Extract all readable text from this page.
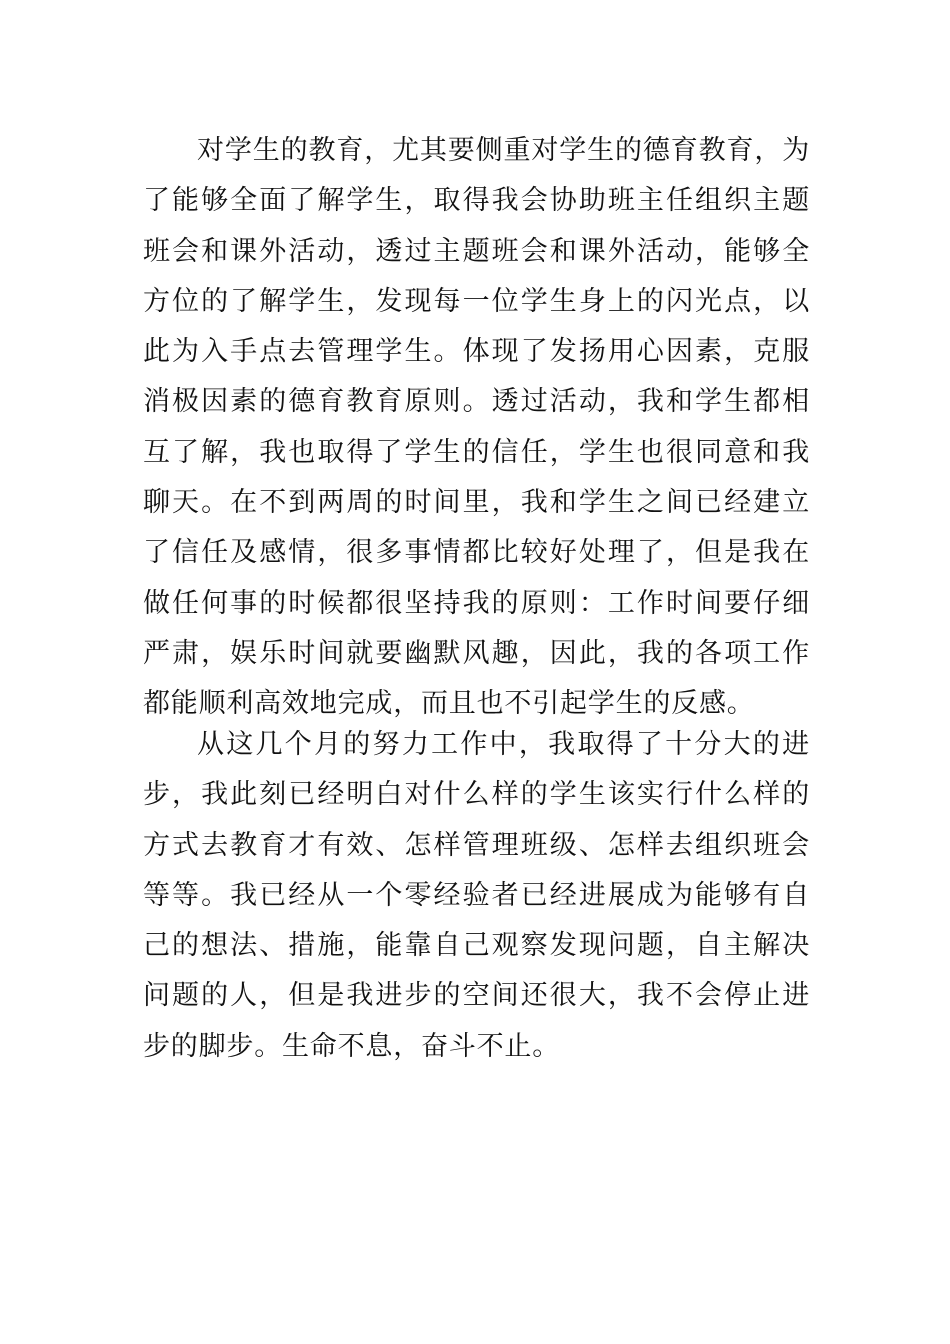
对学生的教育，尤其要侧重对学生的德育教育，为了能够全面了解学生，取得我会协助班主任组织主题班会和课外活动，透过主题班会和课外活动，能够全方位的了解学生，发现每一位学生身上的闪光点，以此为入手点去管理学生。体现了发扬用心因素，克服消极因素的德育教育原则。透过活动，我和学生都相互了解，我也取得了学生的信任，学生也很同意和我聊天。在不到两周的时间里，我和学生之间已经建立了信任及感情，很多事情都比较好处理了，但是我在做任何事的时候都很坚持我的原则：工作时间要仔细严肃，娱乐时间就要幽默风趣，因此，我的各项工作都能顺利高效地完成，而且也不引起学生的反感。

从这几个月的努力工作中，我取得了十分大的进步，我此刻已经明白对什么样的学生该实行什么样的方式去教育才有效、怎样管理班级、怎样去组织班会等等。我已经从一个零经验者已经进展成为能够有自己的想法、措施，能靠自己观察发现问题，自主解决问题的人，但是我进步的空间还很大，我不会停止进步的脚步。生命不息，奋斗不止。
